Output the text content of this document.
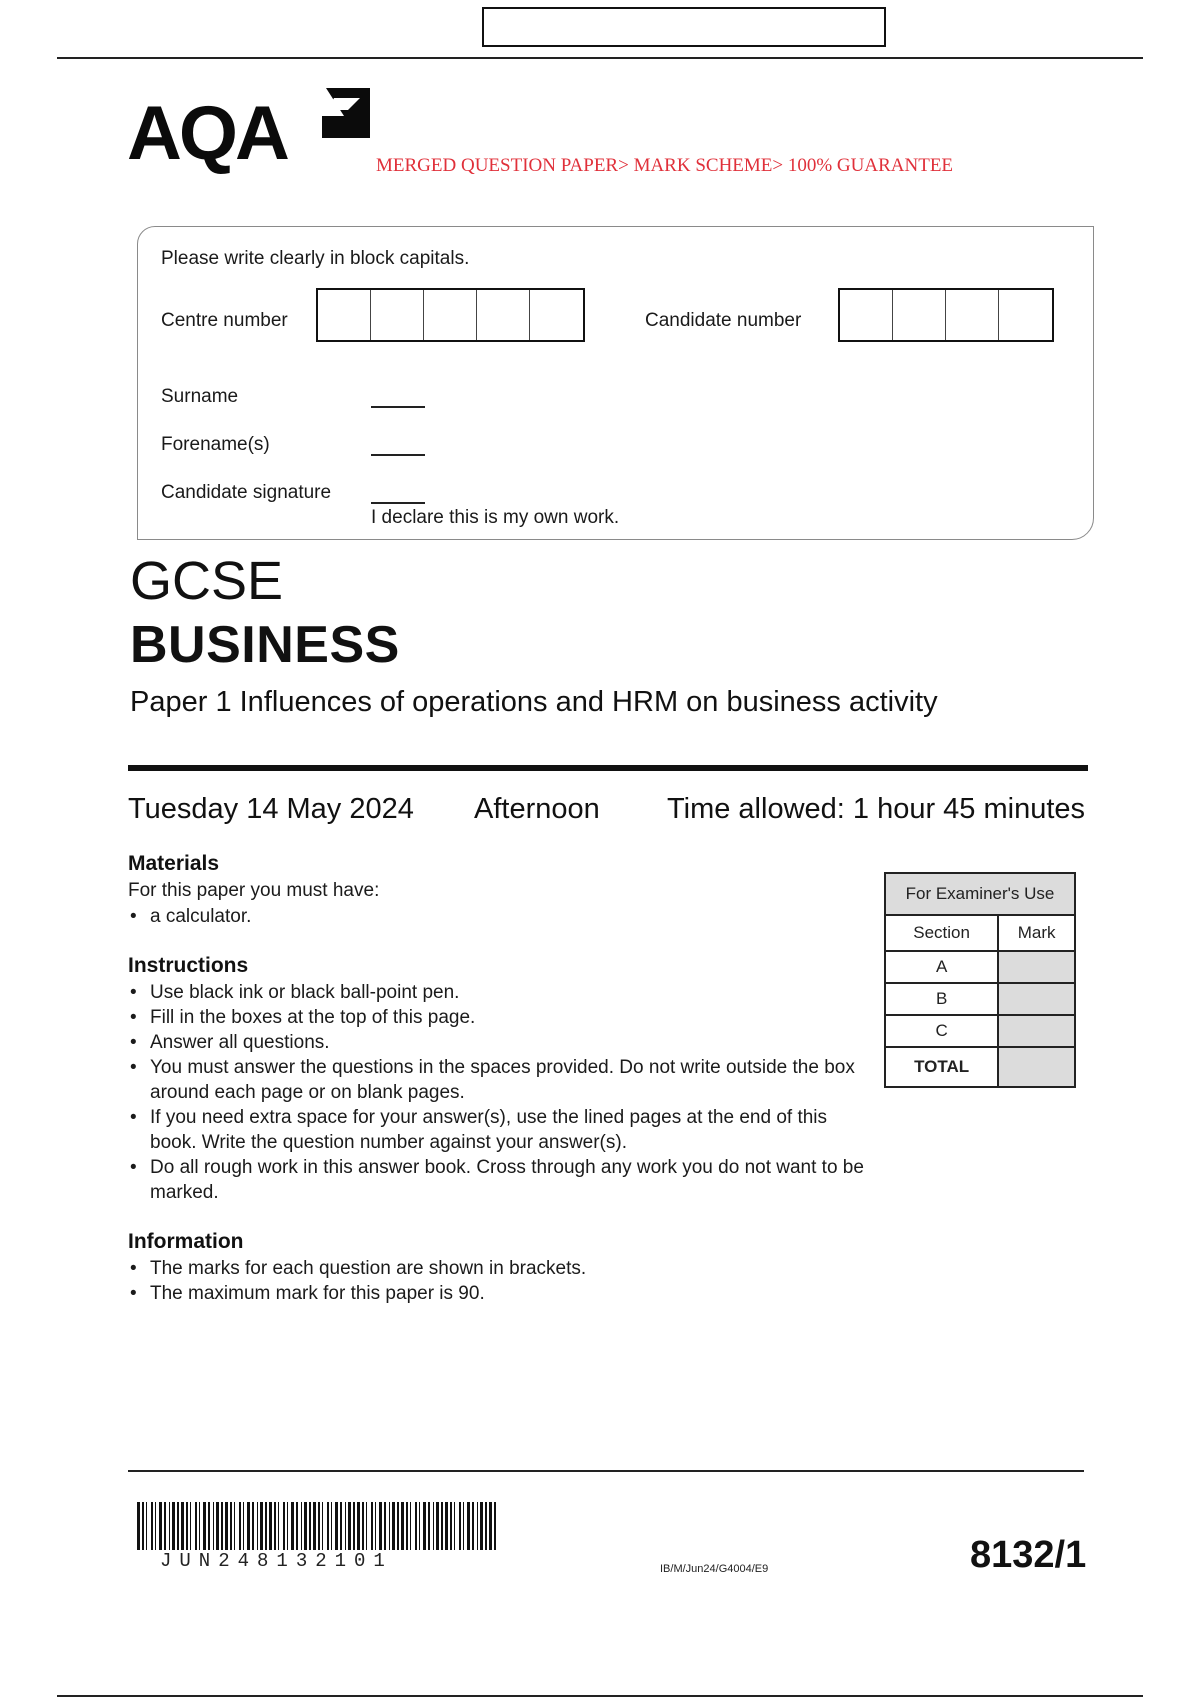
AQA	MERGED QUESTION PAPER> MARK SCHEME> 100% GUARANTEE
Please write clearly in block capitals.
Centre number	Candidate number
Surname
Forename(s)
Candidate signature
I declare this is my own work.
GCSE
BUSINESS
Paper 1 Influences of operations and HRM on business activity
Tuesday 14 May 2024 Afternoon Time allowed: 1 hour 45 minutes
Materials
For this paper you must have:
• a calculator.
Instructions
• Use black ink or black ball-point pen.
• Fill in the boxes at the top of this page.
• Answer all questions.
• You must answer the questions in the spaces provided. Do not write outside the box around each page or on blank pages.
• If you need extra space for your answer(s), use the lined pages at the end of this book. Write the question number against your answer(s).
• Do all rough work in this answer book. Cross through any work you do not want to be marked.
Information
• The marks for each question are shown in brackets.
• The maximum mark for this paper is 90.
For Examiner's Use	
Section	Mark
A	
B	
C	
TOTAL	
JUN248132101	IB/M/Jun24/G4004/E9	8132/1
